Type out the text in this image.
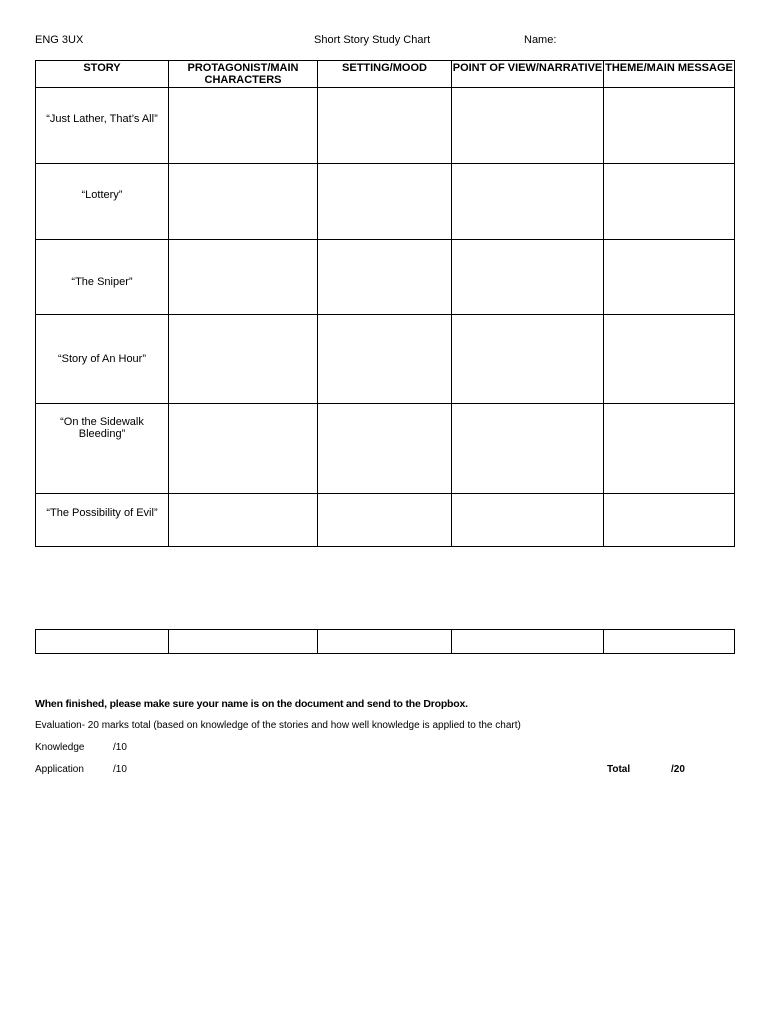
ENG 3UX	Short Story Study Chart	Name:
STORY	PROTAGONIST/MAIN CHARACTERS	SETTING/MOOD	POINT OF VIEW/NARRATIVE	THEME/MAIN MESSAGE
“Just Lather, That’s All”				
“Lottery”				
“The Sniper”				
“Story of An Hour”				
“On the Sidewalk Bleeding”				
“The Possibility of Evil”				

When finished, please make sure your name is on the document and send to the Dropbox.
Evaluation- 20 marks total (based on knowledge of the stories and how well knowledge is applied to the chart)
Knowledge	/10
Application	/10	Total	/20
